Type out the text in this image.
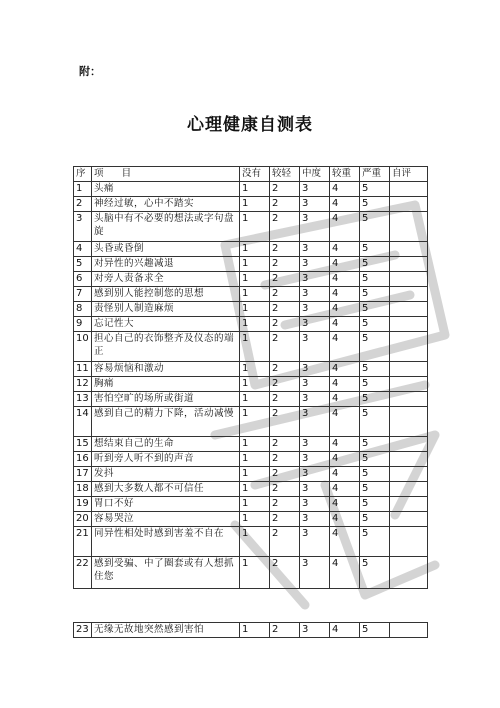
附：
心理健康自测表
序	项      目	没有	较轻	中度	较重	严重	自评
1	头痛	1	2	3	4	5	
2	神经过敏，心中不踏实	1	2	3	4	5	
3	头脑中有不必要的想法或字句盘旋	1	2	3	4	5	
4	头昏或昏倒	1	2	3	4	5	
5	对异性的兴趣减退	1	2	3	4	5	
6	对旁人责备求全	1	2	3	4	5	
7	感到别人能控制您的思想	1	2	3	4	5	
8	责怪别人制造麻烦	1	2	3	4	5	
9	忘记性大	1	2	3	4	5	
10	担心自己的衣饰整齐及仪态的端正	1	2	3	4	5	
11	容易烦恼和激动	1	2	3	4	5	
12	胸痛	1	2	3	4	5	
13	害怕空旷的场所或街道	1	2	3	4	5	
14	感到自己的精力下降，活动减慢	1	2	3	4	5	
15	想结束自己的生命	1	2	3	4	5	
16	听到旁人听不到的声音	1	2	3	4	5	
17	发抖	1	2	3	4	5	
18	感到大多数人都不可信任	1	2	3	4	5	
19	胃口不好	1	2	3	4	5	
20	容易哭泣	1	2	3	4	5	
21	同异性相处时感到害羞不自在	1	2	3	4	5	
22	感到受骗、中了圈套或有人想抓住您	1	2	3	4	5	
23	无缘无故地突然感到害怕	1	2	3	4	5	
